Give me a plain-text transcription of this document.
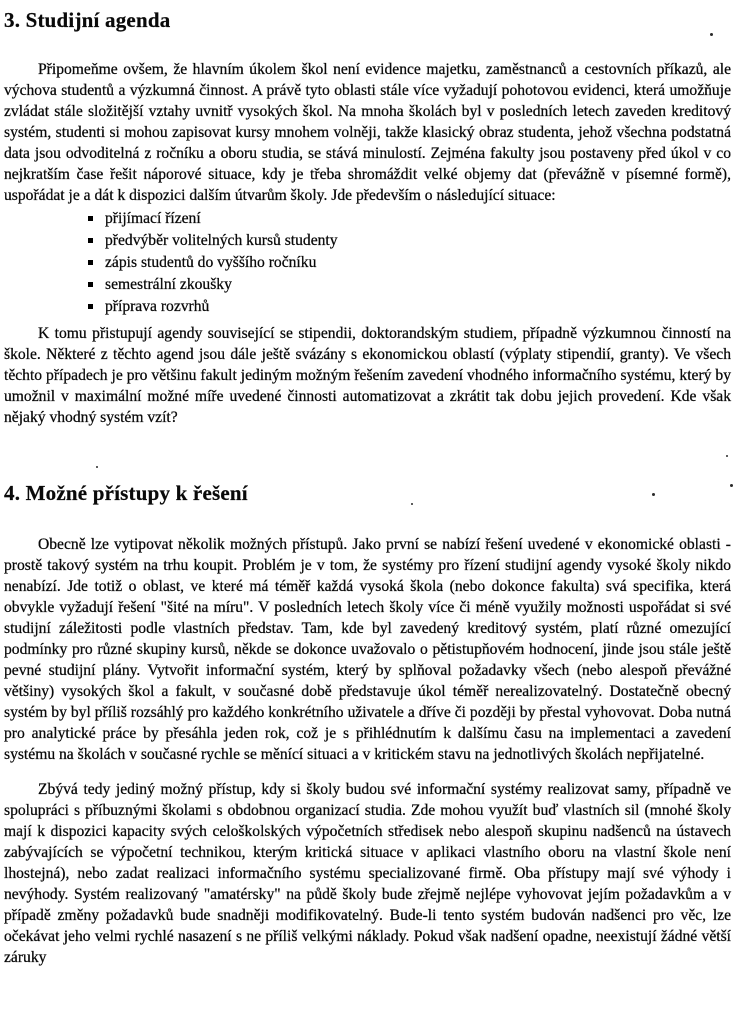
3. Studijní agenda

Připomeňme ovšem, že hlavním úkolem škol není evidence majetku, zaměstnanců a cestovních příkazů, ale výchova studentů a výzkumná činnost. A právě tyto oblasti stále více vyžadují pohotovou evidenci, která umožňuje zvládat stále složitější vztahy uvnitř vysokých škol. Na mnoha školách byl v posledních letech zaveden kreditový systém, studenti si mohou zapisovat kursy mnohem volněji, takže klasický obraz studenta, jehož všechna podstatná data jsou odvoditelná z ročníku a oboru studia, se stává minulostí. Zejména fakulty jsou postaveny před úkol v co nejkratším čase řešit náporové situace, kdy je třeba shromáždit velké objemy dat (převážně v písemné formě), uspořádat je a dát k dispozici dalším útvarům školy. Jde především o následující situace:

přijímací řízení
předvýběr volitelných kursů studenty
zápis studentů do vyššího ročníku
semestrální zkoušky
příprava rozvrhů

K tomu přistupují agendy související se stipendii, doktorandským studiem, případně výzkumnou činností na škole. Některé z těchto agend jsou dále ještě svázány s ekonomickou oblastí (výplaty stipendií, granty). Ve všech těchto případech je pro většinu fakult jediným možným řešením zavedení vhodného informačního systému, který by umožnil v maximální možné míře uvedené činnosti automatizovat a zkrátit tak dobu jejich provedení. Kde však nějaký vhodný systém vzít?

4. Možné přístupy k řešení

Obecně lze vytipovat několik možných přístupů. Jako první se nabízí řešení uvedené v ekonomické oblasti - prostě takový systém na trhu koupit. Problém je v tom, že systémy pro řízení studijní agendy vysoké školy nikdo nenabízí. Jde totiž o oblast, ve které má téměř každá vysoká škola (nebo dokonce fakulta) svá specifika, která obvykle vyžadují řešení "šité na míru". V posledních letech školy více či méně využily možnosti uspořádat si své studijní záležitosti podle vlastních představ. Tam, kde byl zavedený kreditový systém, platí různé omezující podmínky pro různé skupiny kursů, někde se dokonce uvažovalo o pětistupňovém hodnocení, jinde jsou stále ještě pevné studijní plány. Vytvořit informační systém, který by splňoval požadavky všech (nebo alespoň převážné většiny) vysokých škol a fakult, v současné době představuje úkol téměř nerealizovatelný. Dostatečně obecný systém by byl příliš rozsáhlý pro každého konkrétního uživatele a dříve či později by přestal vyhovovat. Doba nutná pro analytické práce by přesáhla jeden rok, což je s přihlédnutím k dalšímu času na implementaci a zavedení systému na školách v současné rychle se měnící situaci a v kritickém stavu na jednotlivých školách nepřijatelné.

Zbývá tedy jediný možný přístup, kdy si školy budou své informační systémy realizovat samy, případně ve spolupráci s příbuznými školami s obdobnou organizací studia. Zde mohou využít buď vlastních sil (mnohé školy mají k dispozici kapacity svých celoškolských výpočetních středisek nebo alespoň skupinu nadšenců na ústavech zabývajících se výpočetní technikou, kterým kritická situace v aplikaci vlastního oboru na vlastní škole není lhostejná), nebo zadat realizaci informačního systému specializované firmě. Oba přístupy mají své výhody i nevýhody. Systém realizovaný "amatérsky" na půdě školy bude zřejmě nejlépe vyhovovat jejím požadavkům a v případě změny požadavků bude snadněji modifikovatelný. Bude-li tento systém budován nadšenci pro věc, lze očekávat jeho velmi rychlé nasazení s ne příliš velkými náklady. Pokud však nadšení opadne, neexistují žádné větší záruky
